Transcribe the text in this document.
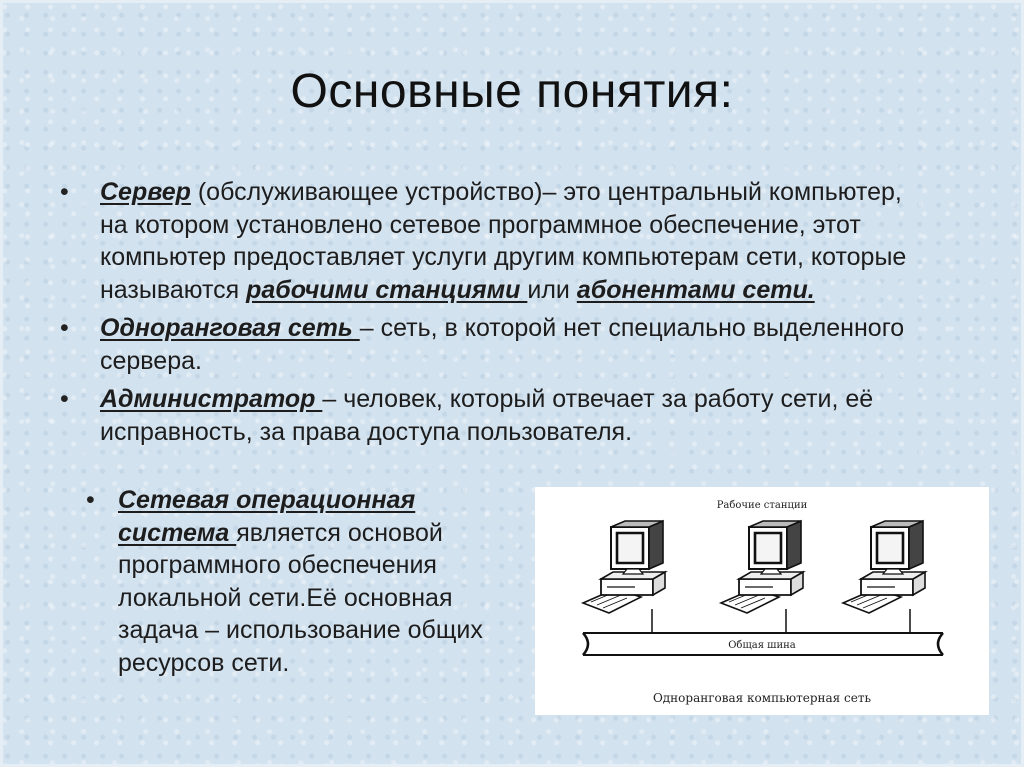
Основные понятия:
• Сервер (обслуживающее устройство)– это центральный компьютер, на котором установлено сетевое программное обеспечение, этот компьютер предоставляет услуги другим компьютерам сети, которые называются рабочими станциями или абонентами сети.
• Одноранговая сеть – сеть, в которой нет специально выделенного сервера.
• Администратор – человек, который отвечает за работу сети, её исправность, за права доступа пользователя.
• Сетевая операционная система является основой программного обеспечения локальной сети.Её основная задача – использование общих ресурсов сети.
Рабочие станции
Общая шина
Одноранговая компьютерная сеть
